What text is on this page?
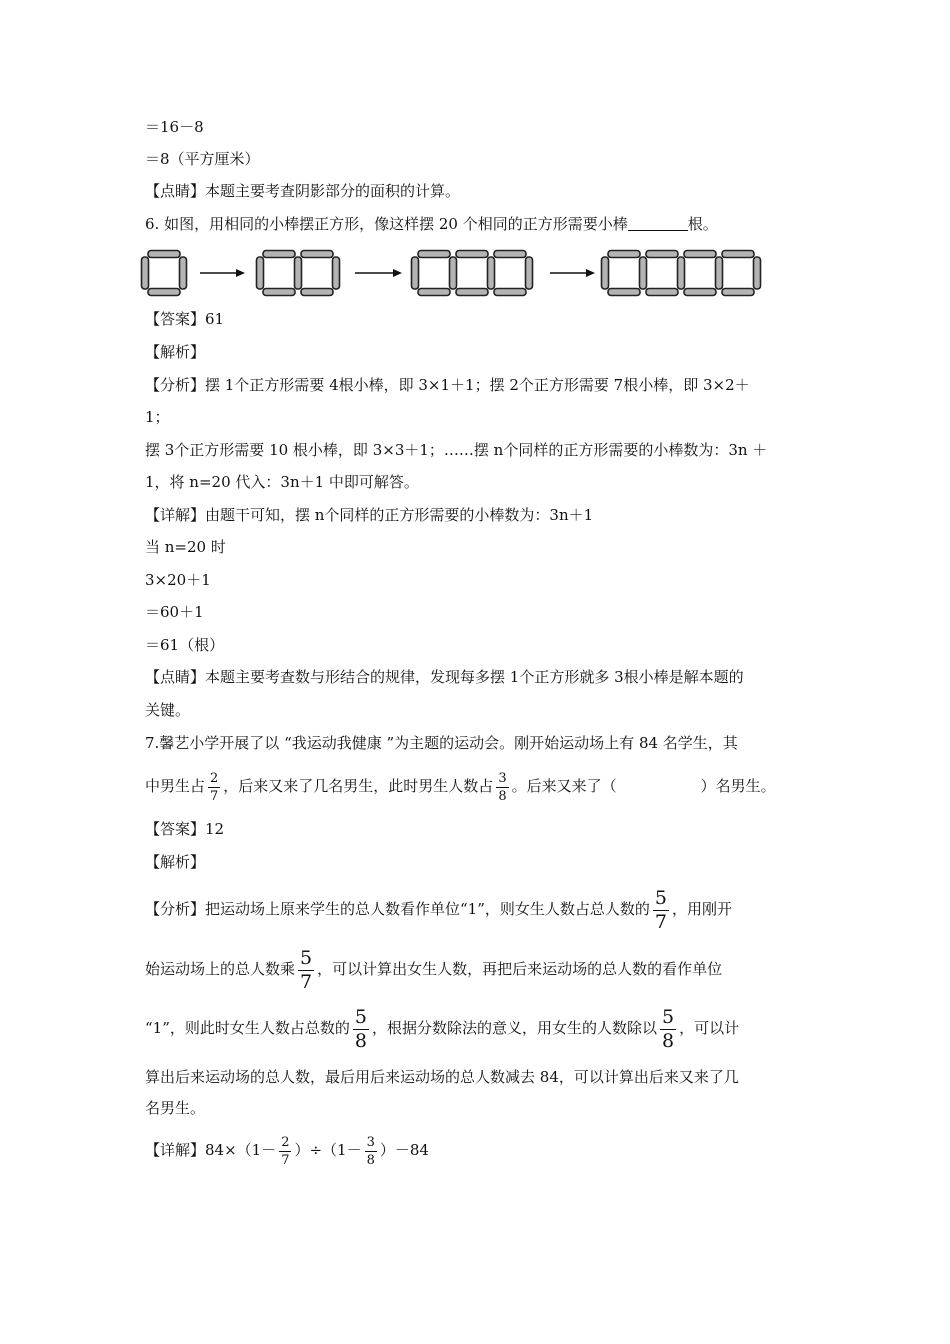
＝16－8
＝8（平方厘米）
【点睛】本题主要考查阴影部分的面积的计算。
6. 如图，用相同的小棒摆正方形，像这样摆 20 个相同的正方形需要小棒	根。
【答案】61
【解析】
【分析】摆 1个正方形需要 4根小棒，即 3×1＋1；摆 2个正方形需要 7根小棒，即 3×2＋
1；
摆 3个正方形需要 10 根小棒，即 3×3＋1；……摆 n个同样的正方形需要的小棒数为：3n ＋
1，将 n=20 代入：3n＋1 中即可解答。
【详解】由题干可知，摆 n个同样的正方形需要的小棒数为：3n＋1
当 n=20 时
3×20＋1
＝60＋1
＝61（根）
【点睛】本题主要考查数与形结合的规律，发现每多摆 1个正方形就多 3根小棒是解本题的
关键。
7.馨艺小学开展了以 “我运动我健康 ”为主题的运动会。刚开始运动场上有 84 名学生，其
中男生占 $\frac{2}{7}$ ，后来又来了几名男生，此时男生人数占 $\frac{3}{8}$ 。后来又来了（	）名男生。
【答案】12
【解析】
【分析】把运动场上原来学生的总人数看作单位“1”，则女生人数占总人数的 $\frac{5}{7}$ ，用刚开
始运动场上的总人数乘 $\frac{5}{7}$ ，可以计算出女生人数，再把后来运动场的总人数的看作单位
“1”，则此时女生人数占总数的 $\frac{5}{8}$ ，根据分数除法的意义，用女生的人数除以 $\frac{5}{8}$ ，可以计
算出后来运动场的总人数，最后用后来运动场的总人数减去 84，可以计算出后来又来了几
名男生。
【详解】$84\times(1- \frac{2}{7} )\div(1- \frac{3}{8} )-84$
